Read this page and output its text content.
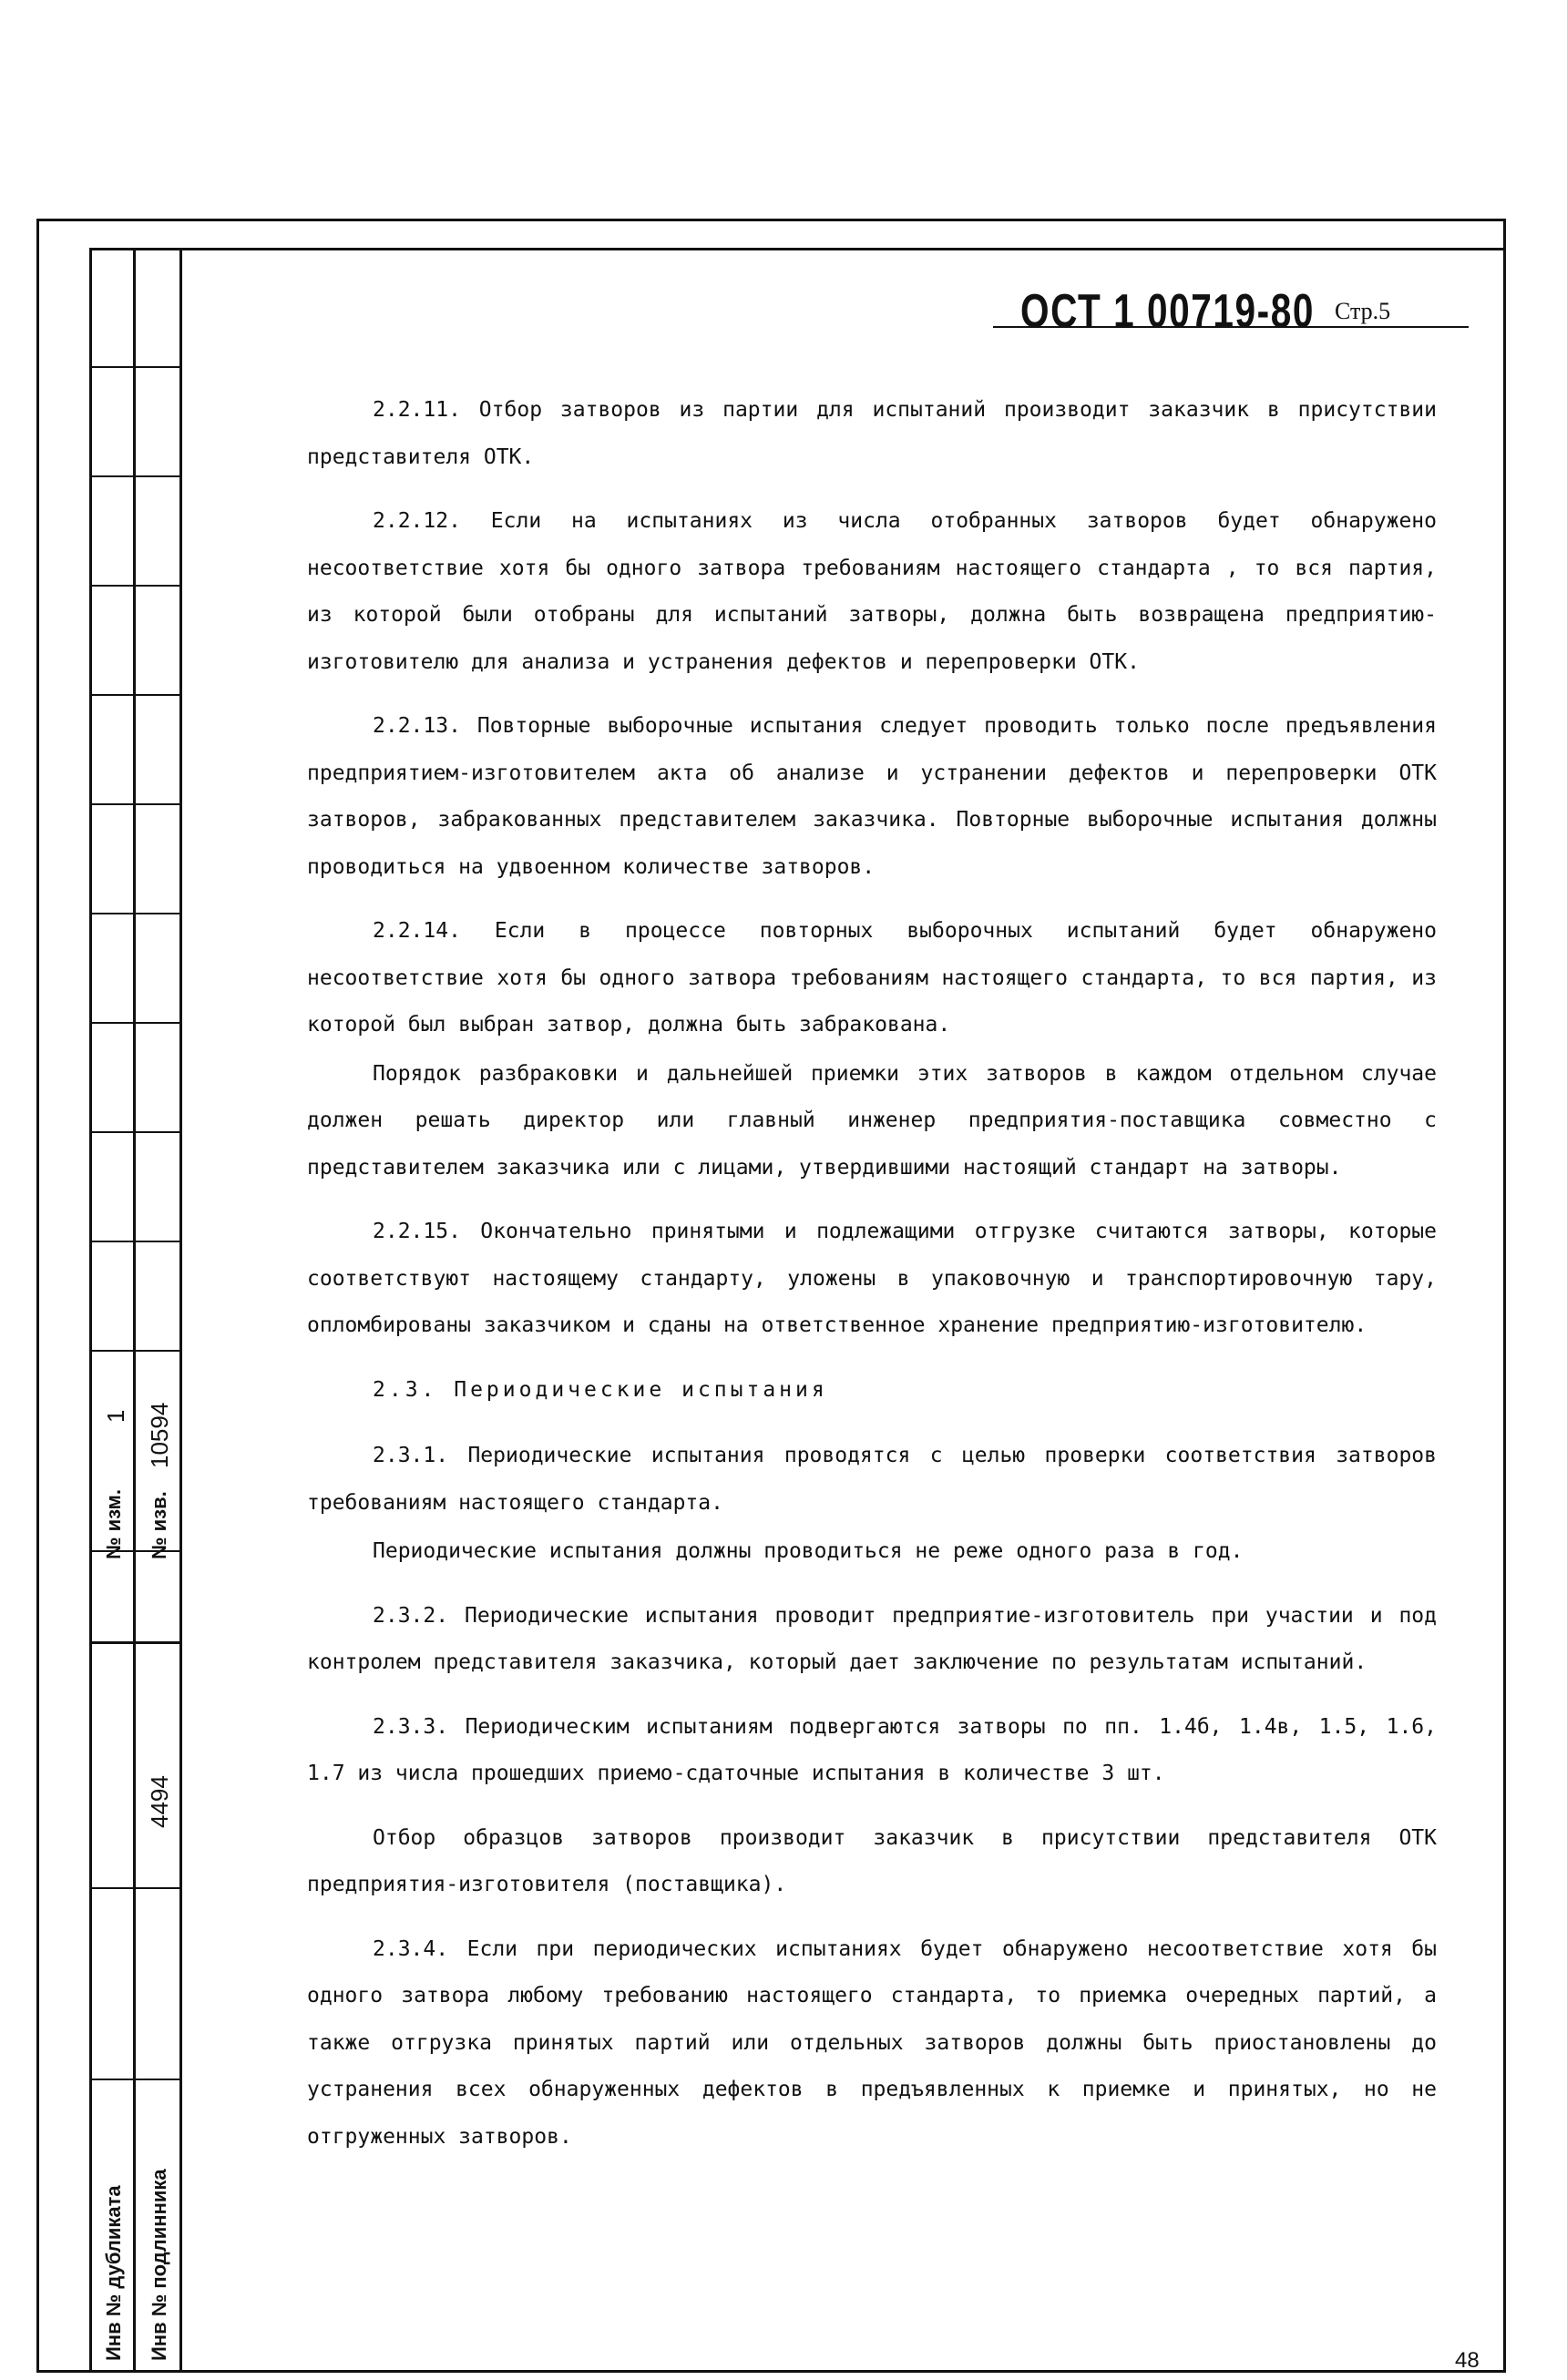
№ изм.
1
№ изв.
10594
Инв № дубликата Инв № подлинника
4494
ОСТ 1 00719-80 Стр.5

2.2.11. Отбор затворов из партии для испытаний производит заказчик в присутствии представителя ОТК.

2.2.12. Если на испытаниях из числа отобранных затворов будет обнаружено несоответствие хотя бы одного затвора требованиям настоящего стандарта , то вся партия, из которой были отобраны для испытаний затворы, должна быть возвращена предприятию-изготовителю для анализа и устранения дефектов и перепроверки ОТК.

2.2.13. Повторные выборочные испытания следует проводить только после предъявления предприятием-изготовителем акта об анализе и устранении дефектов и перепроверки ОТК затворов, забракованных представителем заказчика. Повторные выборочные испытания должны проводиться на удвоенном количестве затворов.

2.2.14. Если в процессе повторных выборочных испытаний будет обнаружено несоответствие хотя бы одного затвора требованиям настоящего стандарта, то вся партия, из которой был выбран затвор, должна быть забракована.

Порядок разбраковки и дальнейшей приемки этих затворов в каждом отдельном случае должен решать директор или главный инженер предприятия-поставщика совместно с представителем заказчика или с лицами, утвердившими настоящий стандарт на затворы.

2.2.15. Окончательно принятыми и подлежащими отгрузке считаются затворы, которые соответствуют настоящему стандарту, уложены в упаковочную и транспортировочную тару, опломбированы заказчиком и сданы на ответственное хранение предприятию-изготовителю.

2.3. Периодические испытания

2.3.1. Периодические испытания проводятся с целью проверки соответствия затворов требованиям настоящего стандарта.

Периодические испытания должны проводиться не реже одного раза в год.

2.3.2. Периодические испытания проводит предприятие-изготовитель при участии и под контролем представителя заказчика, который дает заключение по результатам испытаний.

2.3.3. Периодическим испытаниям подвергаются затворы по пп. 1.4б, 1.4в, 1.5, 1.6, 1.7 из числа прошедших приемо-сдаточные испытания в количестве 3 шт.

Отбор образцов затворов производит заказчик в присутствии представителя ОТК предприятия-изготовителя (поставщика).

2.3.4. Если при периодических испытаниях будет обнаружено несоответствие хотя бы одного затвора любому требованию настоящего стандарта, то приемка очередных партий, а также отгрузка принятых партий или отдельных затворов должны быть приостановлены до устранения всех обнаруженных дефектов в предъявленных к приемке и принятых, но не отгруженных затворов.

48
